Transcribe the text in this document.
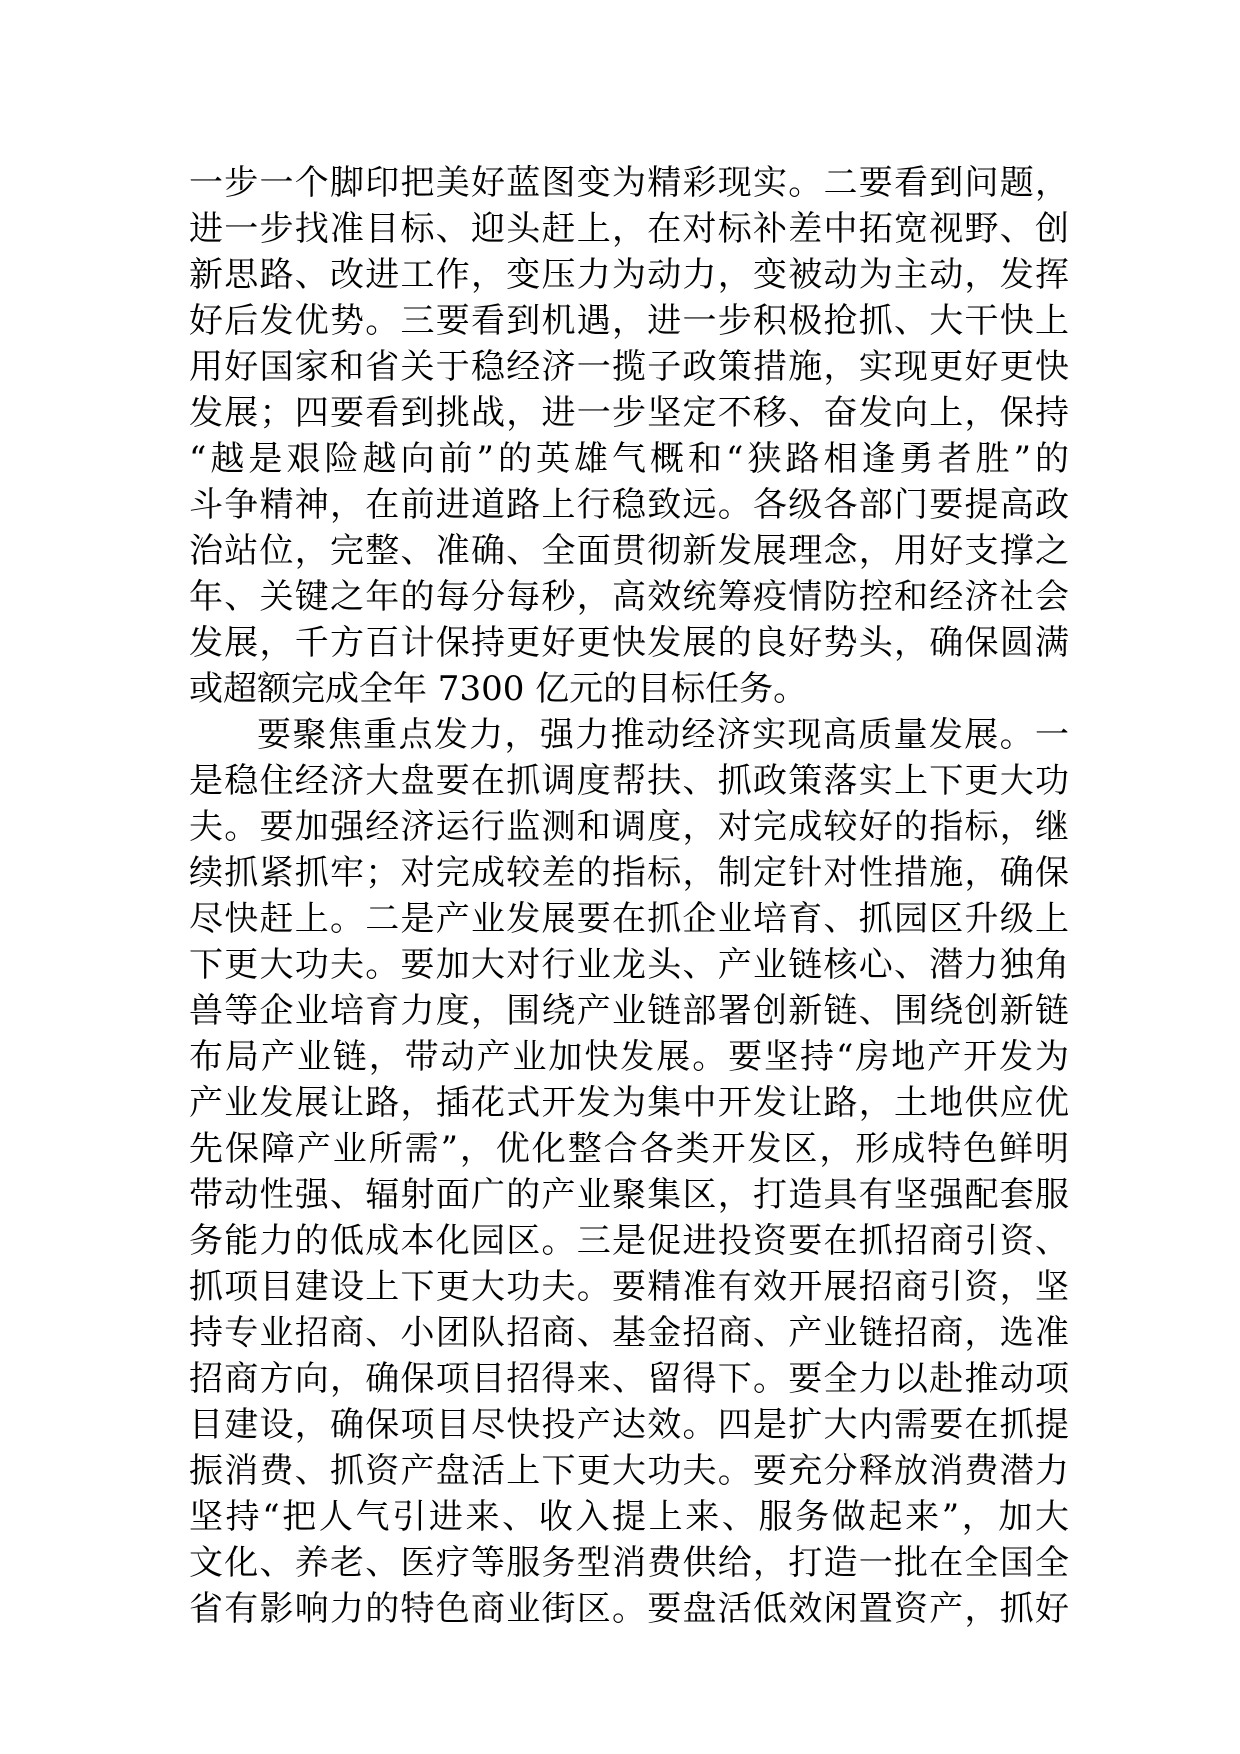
一步一个脚印把美好蓝图变为精彩现实。二要看到问题，
进一步找准目标、迎头赶上，在对标补差中拓宽视野、创
新思路、改进工作，变压力为动力，变被动为主动，发挥
好后发优势。三要看到机遇，进一步积极抢抓、大干快上
用好国家和省关于稳经济一揽子政策措施，实现更好更快
发展；四要看到挑战，进一步坚定不移、奋发向上，保持
“越是艰险越向前”的英雄气概和“狭路相逢勇者胜”的
斗争精神，在前进道路上行稳致远。各级各部门要提高政
治站位，完整、准确、全面贯彻新发展理念，用好支撑之
年、关键之年的每分每秒，高效统筹疫情防控和经济社会
发展，千方百计保持更好更快发展的良好势头，确保圆满
或超额完成全年 7300 亿元的目标任务。
要聚焦重点发力，强力推动经济实现高质量发展。一
是稳住经济大盘要在抓调度帮扶、抓政策落实上下更大功
夫。要加强经济运行监测和调度，对完成较好的指标，继
续抓紧抓牢；对完成较差的指标，制定针对性措施，确保
尽快赶上。二是产业发展要在抓企业培育、抓园区升级上
下更大功夫。要加大对行业龙头、产业链核心、潜力独角
兽等企业培育力度，围绕产业链部署创新链、围绕创新链
布局产业链，带动产业加快发展。要坚持“房地产开发为
产业发展让路，插花式开发为集中开发让路，土地供应优
先保障产业所需”，优化整合各类开发区，形成特色鲜明
带动性强、辐射面广的产业聚集区，打造具有坚强配套服
务能力的低成本化园区。三是促进投资要在抓招商引资、
抓项目建设上下更大功夫。要精准有效开展招商引资，坚
持专业招商、小团队招商、基金招商、产业链招商，选准
招商方向，确保项目招得来、留得下。要全力以赴推动项
目建设，确保项目尽快投产达效。四是扩大内需要在抓提
振消费、抓资产盘活上下更大功夫。要充分释放消费潜力
坚持“把人气引进来、收入提上来、服务做起来”，加大
文化、养老、医疗等服务型消费供给，打造一批在全国全
省有影响力的特色商业街区。要盘活低效闲置资产，抓好
